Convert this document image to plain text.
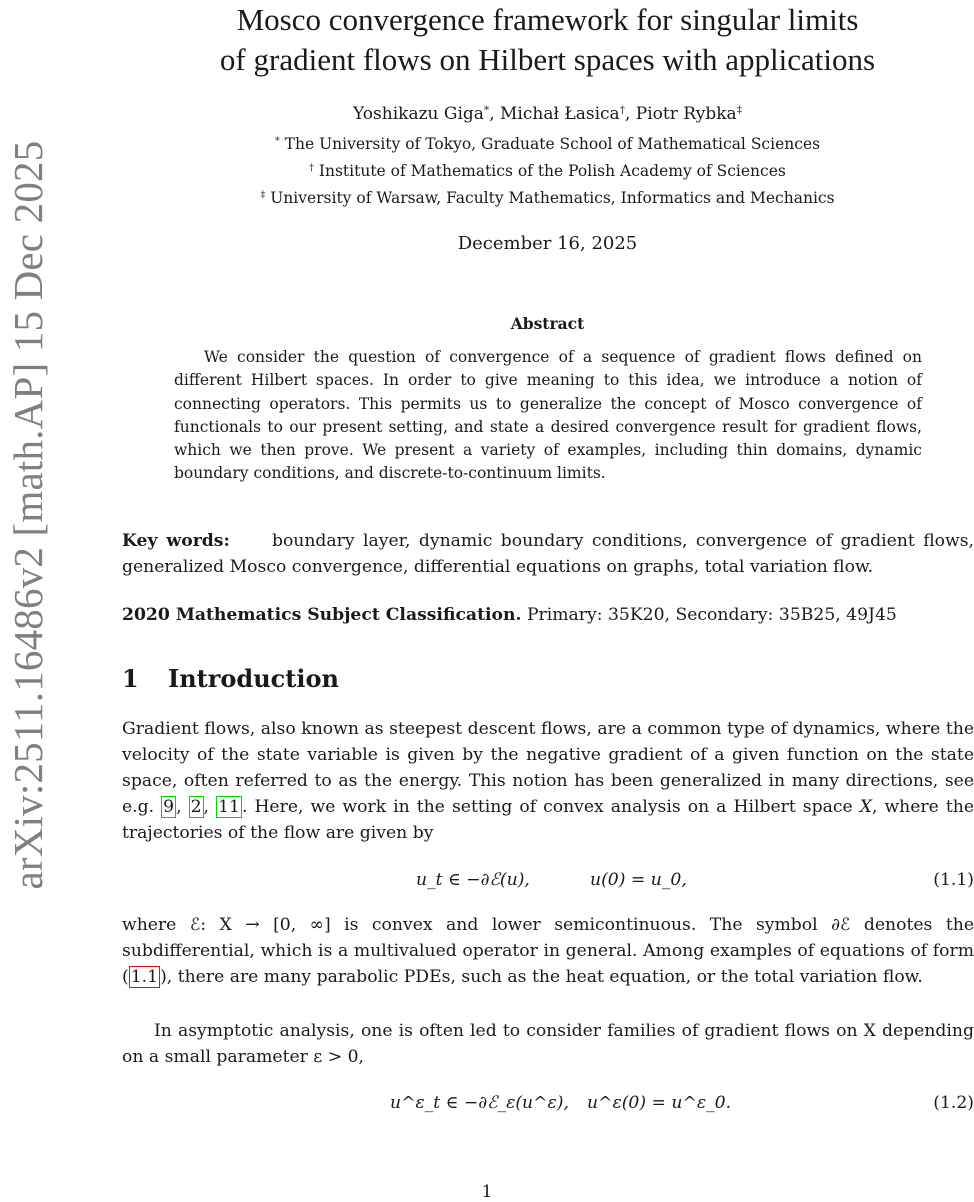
arXiv:2511.16486v2 [math.AP] 15 Dec 2025
Mosco convergence framework for singular limits
of gradient flows on Hilbert spaces with applications
Yoshikazu Giga*, Michał Łasica†, Piotr Rybka‡
* The University of Tokyo, Graduate School of Mathematical Sciences
† Institute of Mathematics of the Polish Academy of Sciences
‡ University of Warsaw, Faculty Mathematics, Informatics and Mechanics
December 16, 2025
Abstract

We consider the question of convergence of a sequence of gradient flows defined on different Hilbert spaces. In order to give meaning to this idea, we introduce a notion of connecting operators. This permits us to generalize the concept of Mosco convergence of functionals to our present setting, and state a desired convergence result for gradient flows, which we then prove. We present a variety of examples, including thin domains, dynamic boundary conditions, and discrete-to-continuum limits.

Key words: boundary layer, dynamic boundary conditions, convergence of gradient flows, generalized Mosco convergence, differential equations on graphs, total variation flow.

2020 Mathematics Subject Classification. Primary: 35K20, Secondary: 35B25, 49J45

1 Introduction

Gradient flows, also known as steepest descent flows, are a common type of dynamics, where the velocity of the state variable is given by the negative gradient of a given function on the state space, often referred to as the energy. This notion has been generalized in many directions, see e.g. 9 , 2 , 11 . Here, we work in the setting of convex analysis on a Hilbert space X, where the trajectories of the flow are given by

u_t ∈ −∂ℰ(u),	u(0) = u_0,	(1.1)

where ℰ: X → [0, ∞] is convex and lower semicontinuous. The symbol ∂ℰ denotes the subdifferential, which is a multivalued operator in general. Among examples of equations of form ( 1.1 ), there are many parabolic PDEs, such as the heat equation, or the total variation flow.

In asymptotic analysis, one is often led to consider families of gradient flows on X depending on a small parameter ε > 0,

u^ε_t ∈ −∂ℰ_ε(u^ε), u^ε(0) = u^ε_0.	(1.2)
1
